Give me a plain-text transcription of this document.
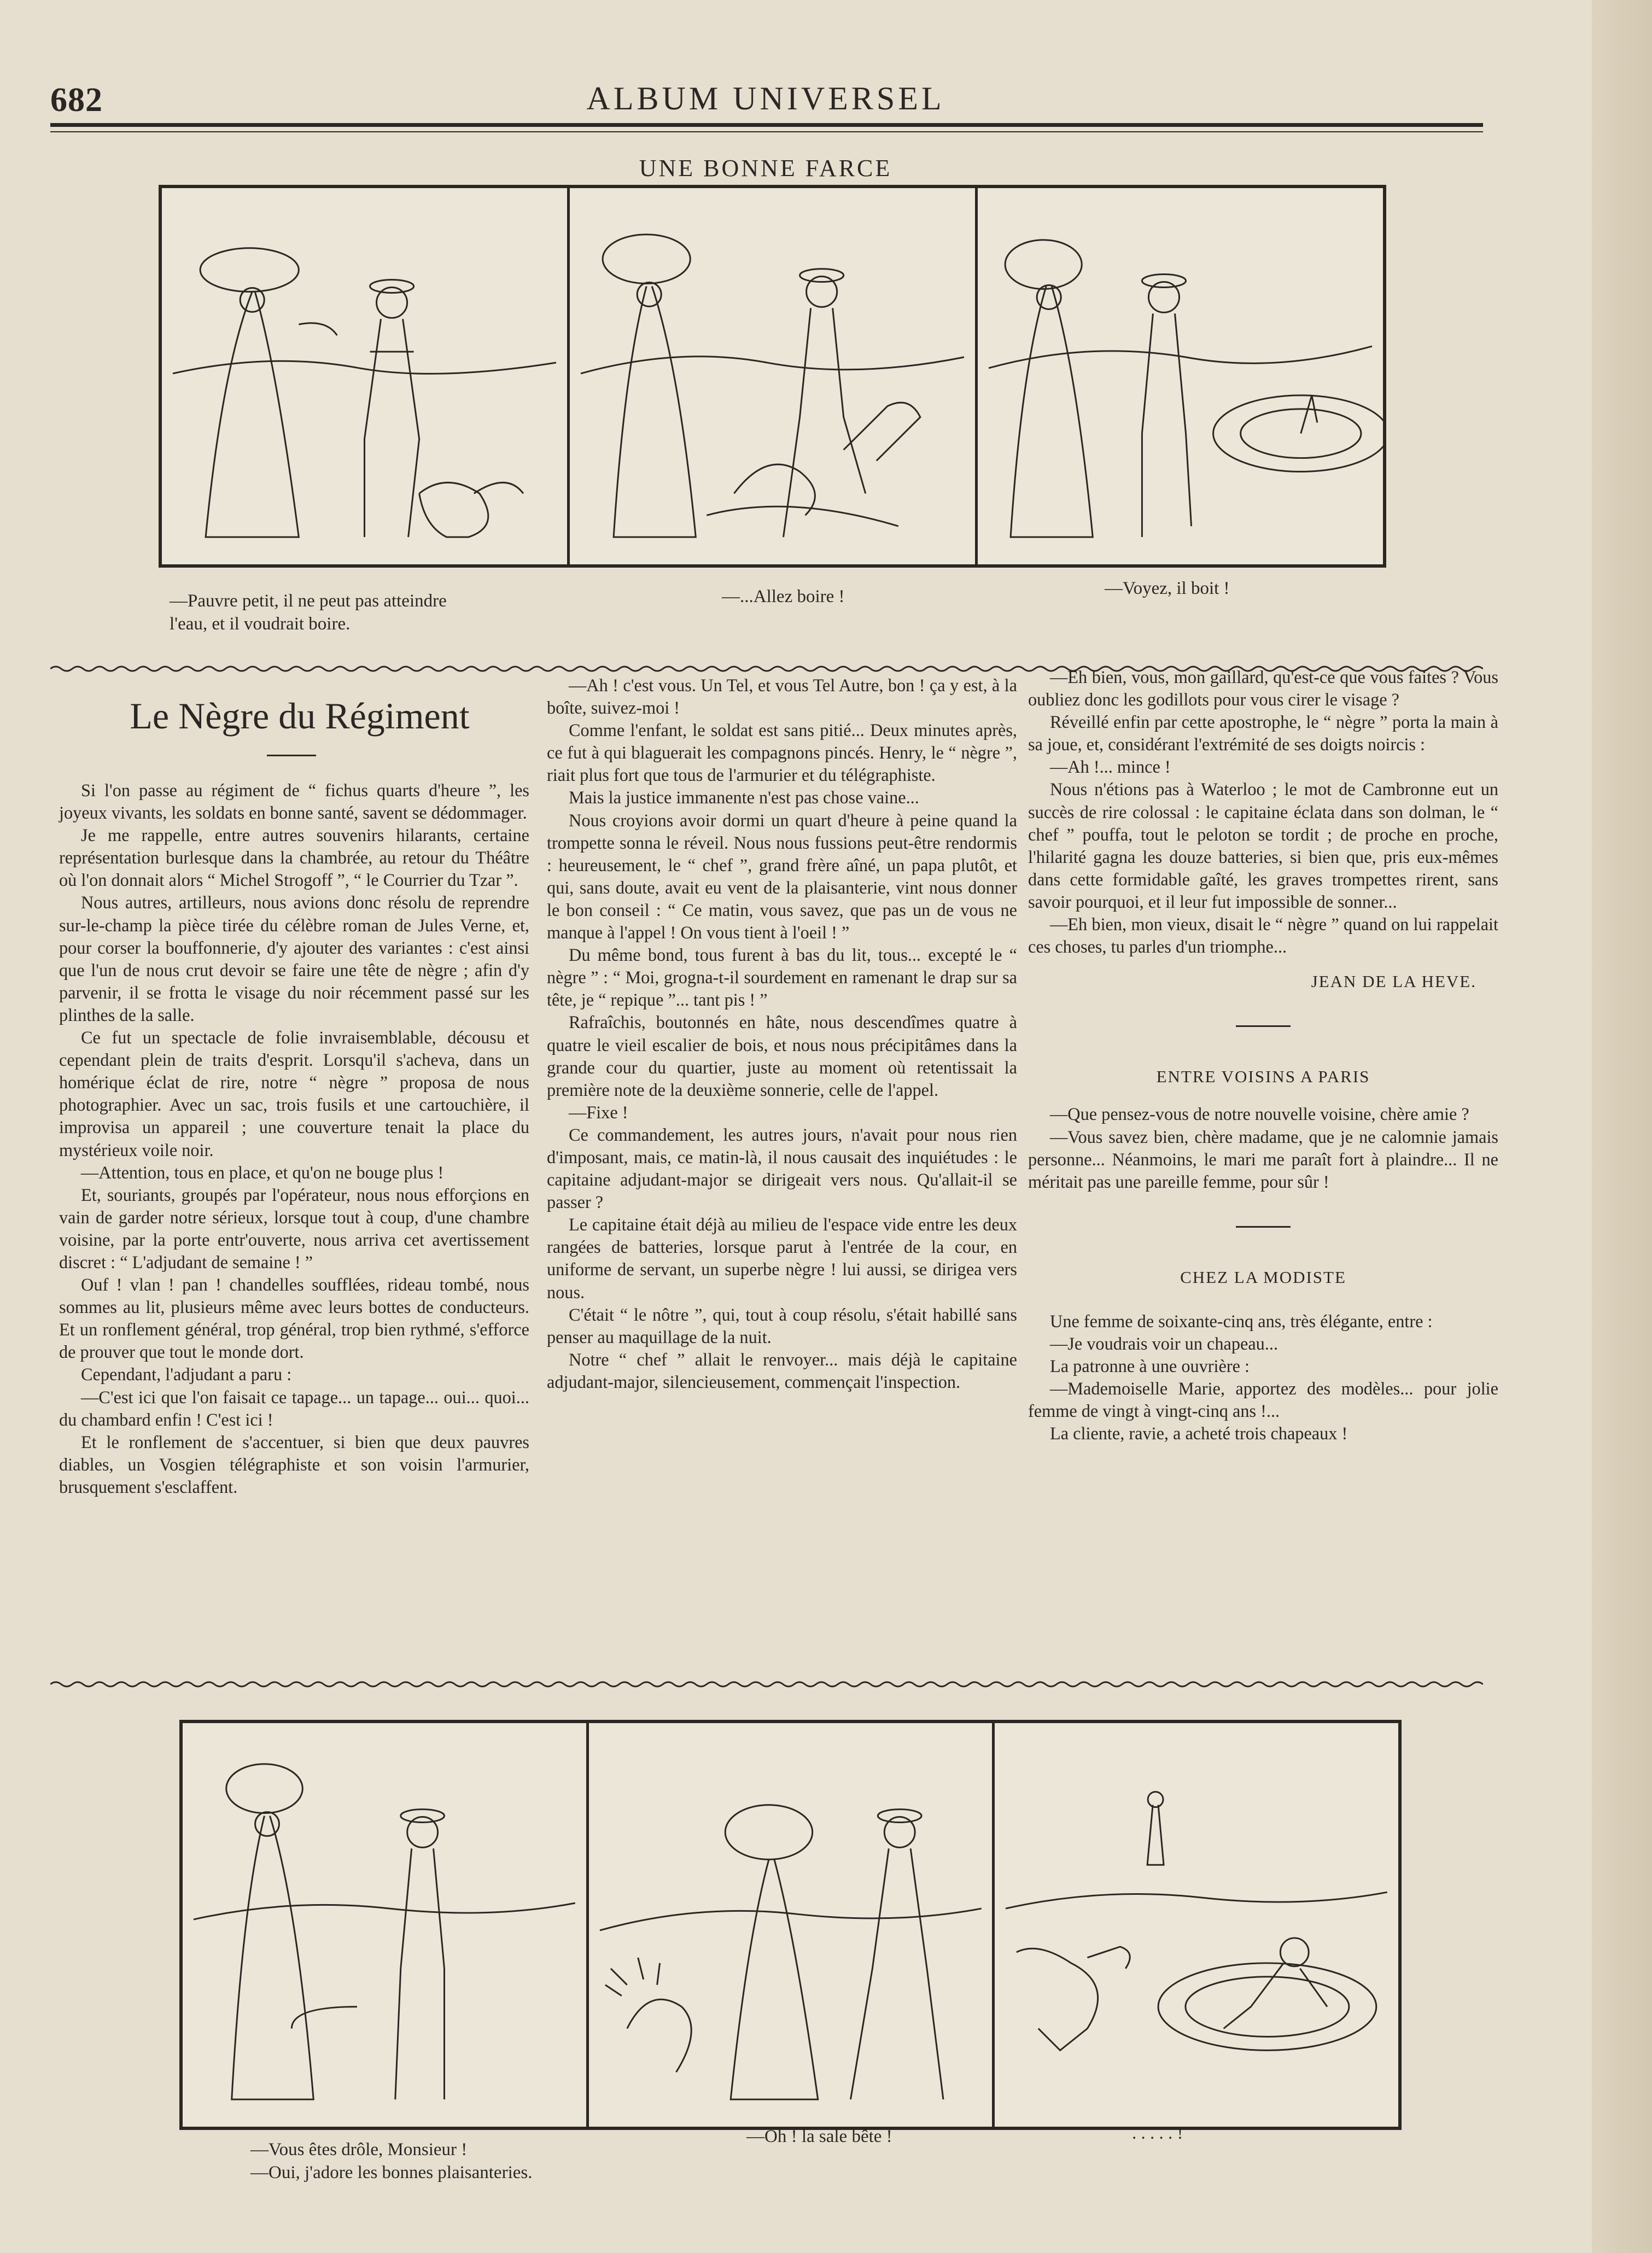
682	ALBUM UNIVERSEL
UNE BONNE FARCE
—Pauvre petit, il ne peut pas atteindre
l'eau, et il voudrait boire.
—...Allez boire !	—Voyez, il boit !
Le Nègre du Régiment

Si l'on passe au régiment de “ fichus quarts d'heure ”, les joyeux vivants, les soldats en bonne santé, savent se dédommager.

Je me rappelle, entre autres souvenirs hilarants, certaine représentation burlesque dans la chambrée, au retour du Théâtre où l'on donnait alors “ Michel Strogoff ”, “ le Courrier du Tzar ”.

Nous autres, artilleurs, nous avions donc résolu de reprendre sur-le-champ la pièce tirée du célèbre roman de Jules Verne, et, pour corser la bouffonnerie, d'y ajouter des variantes : c'est ainsi que l'un de nous crut devoir se faire une tête de nègre ; afin d'y parvenir, il se frotta le visage du noir récemment passé sur les plinthes de la salle.

Ce fut un spectacle de folie invraisemblable, décousu et cependant plein de traits d'esprit. Lorsqu'il s'acheva, dans un homérique éclat de rire, notre “ nègre ” proposa de nous photographier. Avec un sac, trois fusils et une cartouchière, il improvisa un appareil ; une couverture tenait la place du mystérieux voile noir.

—Attention, tous en place, et qu'on ne bouge plus !

Et, souriants, groupés par l'opérateur, nous nous efforçions en vain de garder notre sérieux, lorsque tout à coup, d'une chambre voisine, par la porte entr'ouverte, nous arriva cet avertissement discret : “ L'adjudant de semaine ! ”

Ouf ! vlan ! pan ! chandelles soufflées, rideau tombé, nous sommes au lit, plusieurs même avec leurs bottes de conducteurs. Et un ronflement général, trop général, trop bien rythmé, s'efforce de prouver que tout le monde dort.

Cependant, l'adjudant a paru :

—C'est ici que l'on faisait ce tapage... un tapage... oui... quoi... du chambard enfin ! C'est ici !

Et le ronflement de s'accentuer, si bien que deux pauvres diables, un Vosgien télégraphiste et son voisin l'armurier, brusquement s'esclaffent.

—Ah ! c'est vous. Un Tel, et vous Tel Autre, bon ! ça y est, à la boîte, suivez-moi !

Comme l'enfant, le soldat est sans pitié... Deux minutes après, ce fut à qui blaguerait les compagnons pincés. Henry, le “ nègre ”, riait plus fort que tous de l'armurier et du télégraphiste.

Mais la justice immanente n'est pas chose vaine...

Nous croyions avoir dormi un quart d'heure à peine quand la trompette sonna le réveil. Nous nous fussions peut-être rendormis : heureusement, le “ chef ”, grand frère aîné, un papa plutôt, et qui, sans doute, avait eu vent de la plaisanterie, vint nous donner le bon conseil : “ Ce matin, vous savez, que pas un de vous ne manque à l'appel ! On vous tient à l'oeil ! ”

Du même bond, tous furent à bas du lit, tous... excepté le “ nègre ” : “ Moi, grogna-t-il sourdement en ramenant le drap sur sa tête, je “ repique ”... tant pis ! ”

Rafraîchis, boutonnés en hâte, nous descendîmes quatre à quatre le vieil escalier de bois, et nous nous précipitâmes dans la grande cour du quartier, juste au moment où retentissait la première note de la deuxième sonnerie, celle de l'appel.

—Fixe !

Ce commandement, les autres jours, n'avait pour nous rien d'imposant, mais, ce matin-là, il nous causait des inquiétudes : le capitaine adjudant-major se dirigeait vers nous. Qu'allait-il se passer ?

Le capitaine était déjà au milieu de l'espace vide entre les deux rangées de batteries, lorsque parut à l'entrée de la cour, en uniforme de servant, un superbe nègre ! lui aussi, se dirigea vers nous.

C'était “ le nôtre ”, qui, tout à coup résolu, s'était habillé sans penser au maquillage de la nuit.

Notre “ chef ” allait le renvoyer... mais déjà le capitaine adjudant-major, silencieusement, commençait l'inspection.

—Eh bien, vous, mon gaillard, qu'est-ce que vous faites ? Vous oubliez donc les godillots pour vous cirer le visage ?

Réveillé enfin par cette apostrophe, le “ nègre ” porta la main à sa joue, et, considérant l'extrémité de ses doigts noircis :

—Ah !... mince !

Nous n'étions pas à Waterloo ; le mot de Cambronne eut un succès de rire colossal : le capitaine éclata dans son dolman, le “ chef ” pouffa, tout le peloton se tordit ; de proche en proche, l'hilarité gagna les douze batteries, si bien que, pris eux-mêmes dans cette formidable gaîté, les graves trompettes rirent, sans savoir pourquoi, et il leur fut impossible de sonner...

—Eh bien, mon vieux, disait le “ nègre ” quand on lui rappelait ces choses, tu parles d'un triomphe...

JEAN DE LA HEVE.
ENTRE VOISINS A PARIS

—Que pensez-vous de notre nouvelle voisine, chère amie ?

—Vous savez bien, chère madame, que je ne calomnie jamais personne... Néanmoins, le mari me paraît fort à plaindre... Il ne méritait pas une pareille femme, pour sûr !

CHEZ LA MODISTE

Une femme de soixante-cinq ans, très élégante, entre :

—Je voudrais voir un chapeau...

La patronne à une ouvrière :

—Mademoiselle Marie, apportez des modèles... pour jolie femme de vingt à vingt-cinq ans !...

La cliente, ravie, a acheté trois chapeaux !

—Vous êtes drôle, Monsieur !
—Oui, j'adore les bonnes plaisanteries.
—Oh ! la sale bête !	. . . . . !
